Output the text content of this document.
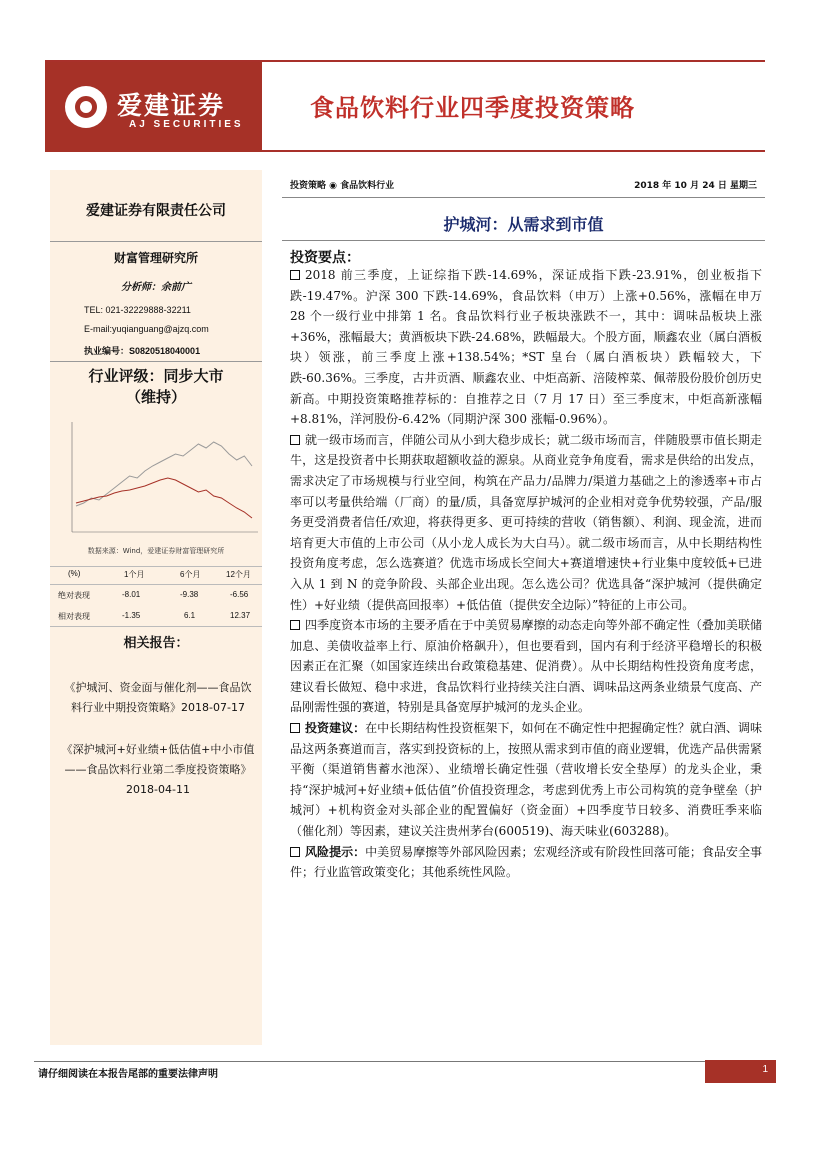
爱建证券
AJ SECURITIES
食品饮料行业四季度投资策略
爱建证券有限责任公司
财富管理研究所
分析师：余前广
TEL: 021-32229888-32211
E-mail:yuqianguang@ajzq.com
执业编号：S0820518040001
行业评级：同步大市
（维持）
数据来源：Wind，爱建证券财富管理研究所
(%)	1个月	6个月	12个月
绝对表现	-8.01	-9.38	-6.56
相对表现	-1.35	6.1	12.37
相关报告：
《护城河、资金面与催化剂——食品饮料行业中期投资策略》2018-07-17
《深护城河+好业绩+低估值+中小市值——食品饮料行业第二季度投资策略》2018-04-11
投资策略 ◉ 食品饮料行业	2018 年 10 月 24 日 星期三
护城河：从需求到市值
投资要点：
2018 前三季度，上证综指下跌-14.69%，深证成指下跌-23.91%，创业板指下跌-19.47%。沪深 300 下跌-14.69%，食品饮料（申万）上涨+0.56%，涨幅在申万 28 个一级行业中排第 1 名。食品饮料行业子板块涨跌不一，其中：调味品板块上涨+36%，涨幅最大；黄酒板块下跌-24.68%，跌幅最大。个股方面，顺鑫农业（属白酒板块）领涨，前三季度上涨+138.54%；*ST 皇台（属白酒板块）跌幅较大，下跌-60.36%。三季度，古井贡酒、顺鑫农业、中炬高新、涪陵榨菜、佩蒂股份股价创历史新高。中期投资策略推荐标的：自推荐之日（7 月 17 日）至三季度末，中炬高新涨幅+8.81%，洋河股份-6.42%（同期沪深 300 涨幅-0.96%）。
就一级市场而言，伴随公司从小到大稳步成长；就二级市场而言，伴随股票市值长期走牛，这是投资者中长期获取超额收益的源泉。从商业竞争角度看，需求是供给的出发点，需求决定了市场规模与行业空间，构筑在产品力/品牌力/渠道力基础之上的渗透率+市占率可以考量供给端（厂商）的量/质，具备宽厚护城河的企业相对竞争优势较强，产品/服务更受消费者信任/欢迎，将获得更多、更可持续的营收（销售额）、利润、现金流，进而培育更大市值的上市公司（从小龙人成长为大白马）。就二级市场而言，从中长期结构性投资角度考虑，怎么选赛道？优选市场成长空间大+赛道增速快+行业集中度较低+已进入从 1 到 N 的竞争阶段、头部企业出现。怎么选公司？优选具备“深护城河（提供确定性）+好业绩（提供高回报率）+低估值（提供安全边际）”特征的上市公司。
四季度资本市场的主要矛盾在于中美贸易摩擦的动态走向等外部不确定性（叠加美联储加息、美债收益率上行、原油价格飙升），但也要看到，国内有利于经济平稳增长的积极因素正在汇聚（如国家连续出台政策稳基建、促消费）。从中长期结构性投资角度考虑，建议看长做短、稳中求进，食品饮料行业持续关注白酒、调味品这两条业绩景气度高、产品刚需性强的赛道，特别是具备宽厚护城河的龙头企业。
投资建议：在中长期结构性投资框架下，如何在不确定性中把握确定性？就白酒、调味品这两条赛道而言，落实到投资标的上，按照从需求到市值的商业逻辑，优选产品供需紧平衡（渠道销售蓄水池深）、业绩增长确定性强（营收增长安全垫厚）的龙头企业，秉持“深护城河+好业绩+低估值”价值投资理念，考虑到优秀上市公司构筑的竞争壁垒（护城河）+机构资金对头部企业的配置偏好（资金面）+四季度节日较多、消费旺季来临（催化剂）等因素，建议关注贵州茅台(600519)、海天味业(603288)。
风险提示：中美贸易摩擦等外部风险因素；宏观经济或有阶段性回落可能；食品安全事件；行业监管政策变化；其他系统性风险。
请仔细阅读在本报告尾部的重要法律声明	1
